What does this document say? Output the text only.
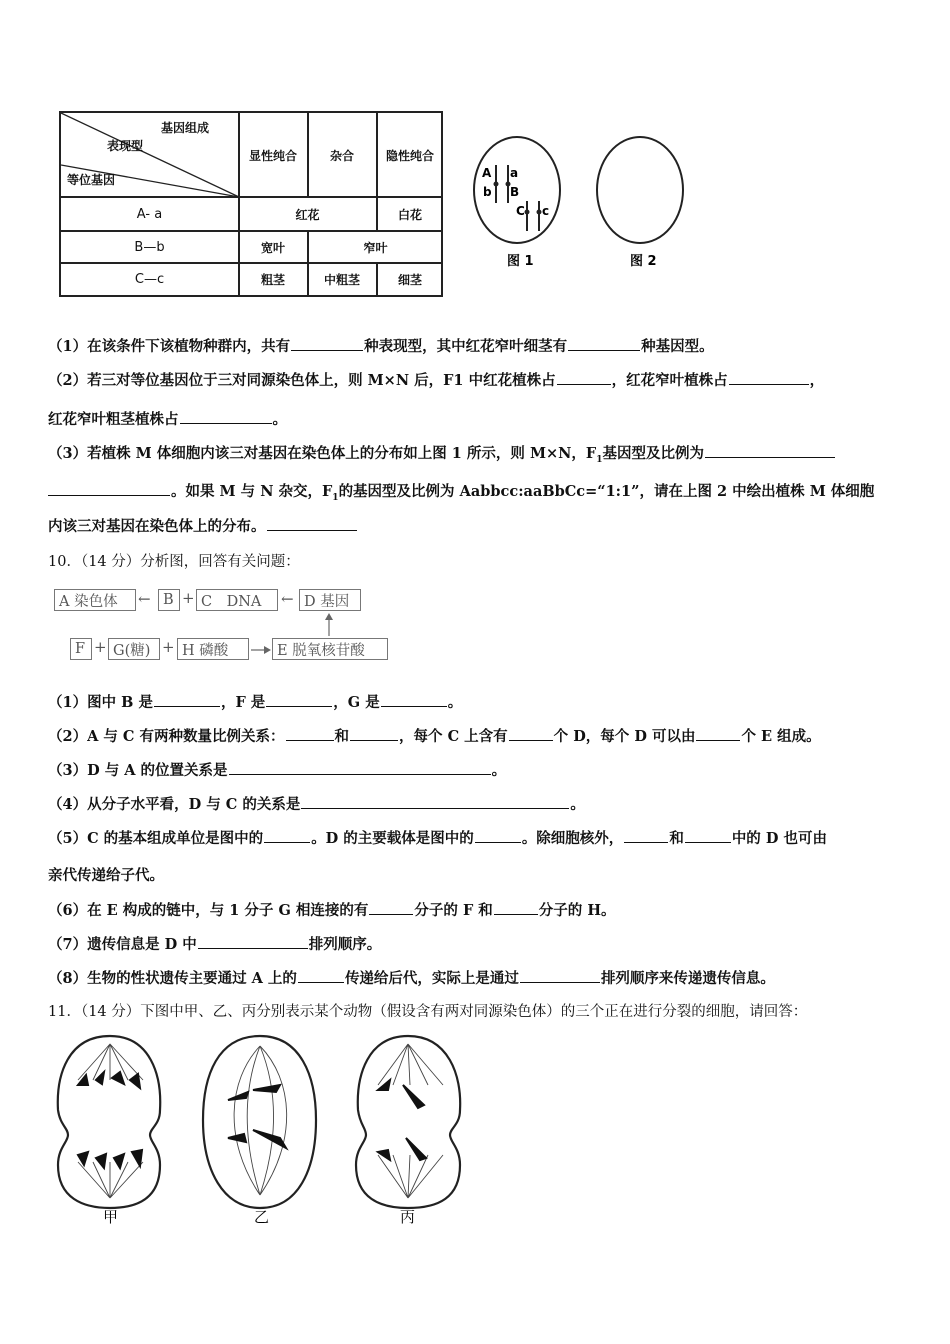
基因组成
表现型
等位基因
显性纯合	杂合	隐性纯合
A- a	红花	白花
B—b	宽叶	窄叶
C—c	粗茎	中粗茎	细茎
A a
b B
C c
图 1	图 2
（1）在该条件下该植物种群内，共有	种表现型，其中红花窄叶细茎有	种基因型。
（2）若三对等位基因位于三对同源染色体上，则 M×N 后，F1 中红花植株占	，红花窄叶植株占	，
红花窄叶粗茎植株占	。
（3）若植株 M 体细胞内该三对基因在染色体上的分布如上图 1 所示，则 M×N，$F_1$基因型及比例为
。如果 M 与 N 杂交，$F_1$的基因型及比例为 Aabbcc:aaBbCc=“1:1”，请在上图 2 中绘出植株 M 体细胞
内该三对基因在染色体上的分布。
10．（14 分）分析图，回答有关问题：
A 染色体	← B + C　DNA	← D 基因
F + G(糖) + H 磷酸	E 脱氧核苷酸
（1）图中 B 是	，F 是	，G 是	。
（2）A 与 C 有两种数量比例关系：	和	，每个 C 上含有	个 D，每个 D 可以由	个 E 组成。
（3）D 与 A 的位置关系是	。
（4）从分子水平看，D 与 C 的关系是	。
（5）C 的基本组成单位是图中的	。D 的主要载体是图中的	。除细胞核外，	和	中的 D 也可由
亲代传递给子代。
（6）在 E 构成的链中，与 1 分子 G 相连接的有	分子的 F 和	分子的 H。
（7）遗传信息是 D 中	排列顺序。
（8）生物的性状遗传主要通过 A 上的	传递给后代，实际上是通过	排列顺序来传递遗传信息。
11．（14 分）下图中甲、乙、丙分别表示某个动物（假设含有两对同源染色体）的三个正在进行分裂的细胞，请回答：
甲	乙	丙
